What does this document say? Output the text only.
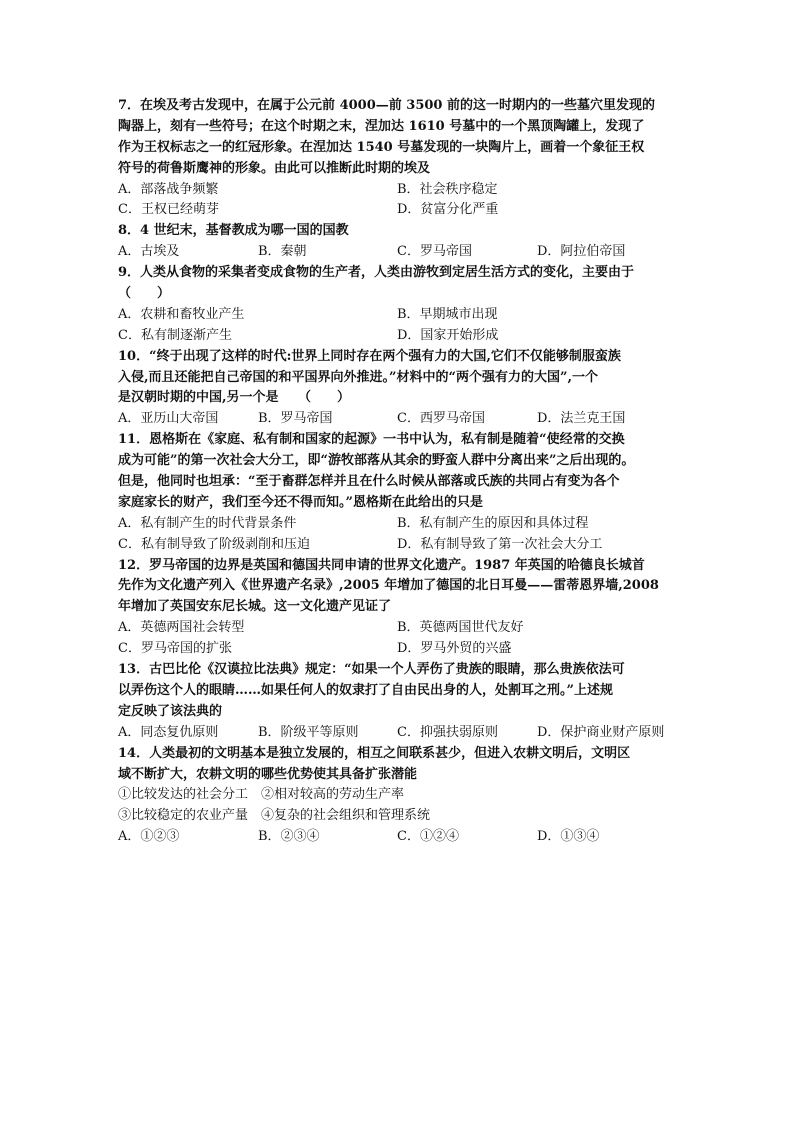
7．在埃及考古发现中，在属于公元前 4000—前 3500 前的这一时期内的一些墓穴里发现的
陶器上，刻有一些符号；在这个时期之末，涅加达 1610 号墓中的一个黑顶陶罐上，发现了
作为王权标志之一的红冠形象。在涅加达 1540 号墓发现的一块陶片上，画着一个象征王权
符号的荷鲁斯鹰神的形象。由此可以推断此时期的埃及
A．部落战争频繁	B．社会秩序稳定
C．王权已经萌芽	D．贫富分化严重
8．4 世纪末，基督教成为哪一国的国教
A．古埃及	B．秦朝	C．罗马帝国	D．阿拉伯帝国
9．人类从食物的采集者变成食物的生产者，人类由游牧到定居生活方式的变化，主要由于
（　　）
A．农耕和畜牧业产生	B．早期城市出现
C．私有制逐渐产生	D．国家开始形成
10．“终于出现了这样的时代:世界上同时存在两个强有力的大国,它们不仅能够制服蛮族
入侵,而且还能把自己帝国的和平国界向外推进。”材料中的“两个强有力的大国”,一个
是汉朝时期的中国,另一个是　　（　　）
A．亚历山大帝国	B．罗马帝国	C．西罗马帝国	D．法兰克王国
11．恩格斯在《家庭、私有制和国家的起源》一书中认为，私有制是随着“使经常的交换
成为可能”的第一次社会大分工，即“游牧部落从其余的野蛮人群中分离出来”之后出现的。
但是，他同时也坦承：“至于畜群怎样并且在什么时候从部落或氏族的共同占有变为各个
家庭家长的财产，我们至今还不得而知。”恩格斯在此给出的只是
A．私有制产生的时代背景条件	B．私有制产生的原因和具体过程
C．私有制导致了阶级剥削和压迫	D．私有制导致了第一次社会大分工
12．罗马帝国的边界是英国和德国共同申请的世界文化遗产。1987 年英国的哈德良长城首
先作为文化遗产列入《世界遗产名录》,2005 年增加了德国的北日耳曼——雷蒂恩界墙,2008
年增加了英国安东尼长城。这一文化遗产见证了
A．英德两国社会转型	B．英德两国世代友好
C．罗马帝国的扩张	D．罗马外贸的兴盛
13．古巴比伦《汉谟拉比法典》规定：“如果一个人弄伤了贵族的眼睛，那么贵族依法可
以弄伤这个人的眼睛……如果任何人的奴隶打了自由民出身的人，处割耳之刑。”上述规
定反映了该法典的
A．同态复仇原则	B．阶级平等原则	C．抑强扶弱原则	D．保护商业财产原则
14．人类最初的文明基本是独立发展的，相互之间联系甚少，但进入农耕文明后，文明区
域不断扩大，农耕文明的哪些优势使其具备扩张潜能
①比较发达的社会分工　②相对较高的劳动生产率
③比较稳定的农业产量　④复杂的社会组织和管理系统
A．①②③	B．②③④	C．①②④	D．①③④
